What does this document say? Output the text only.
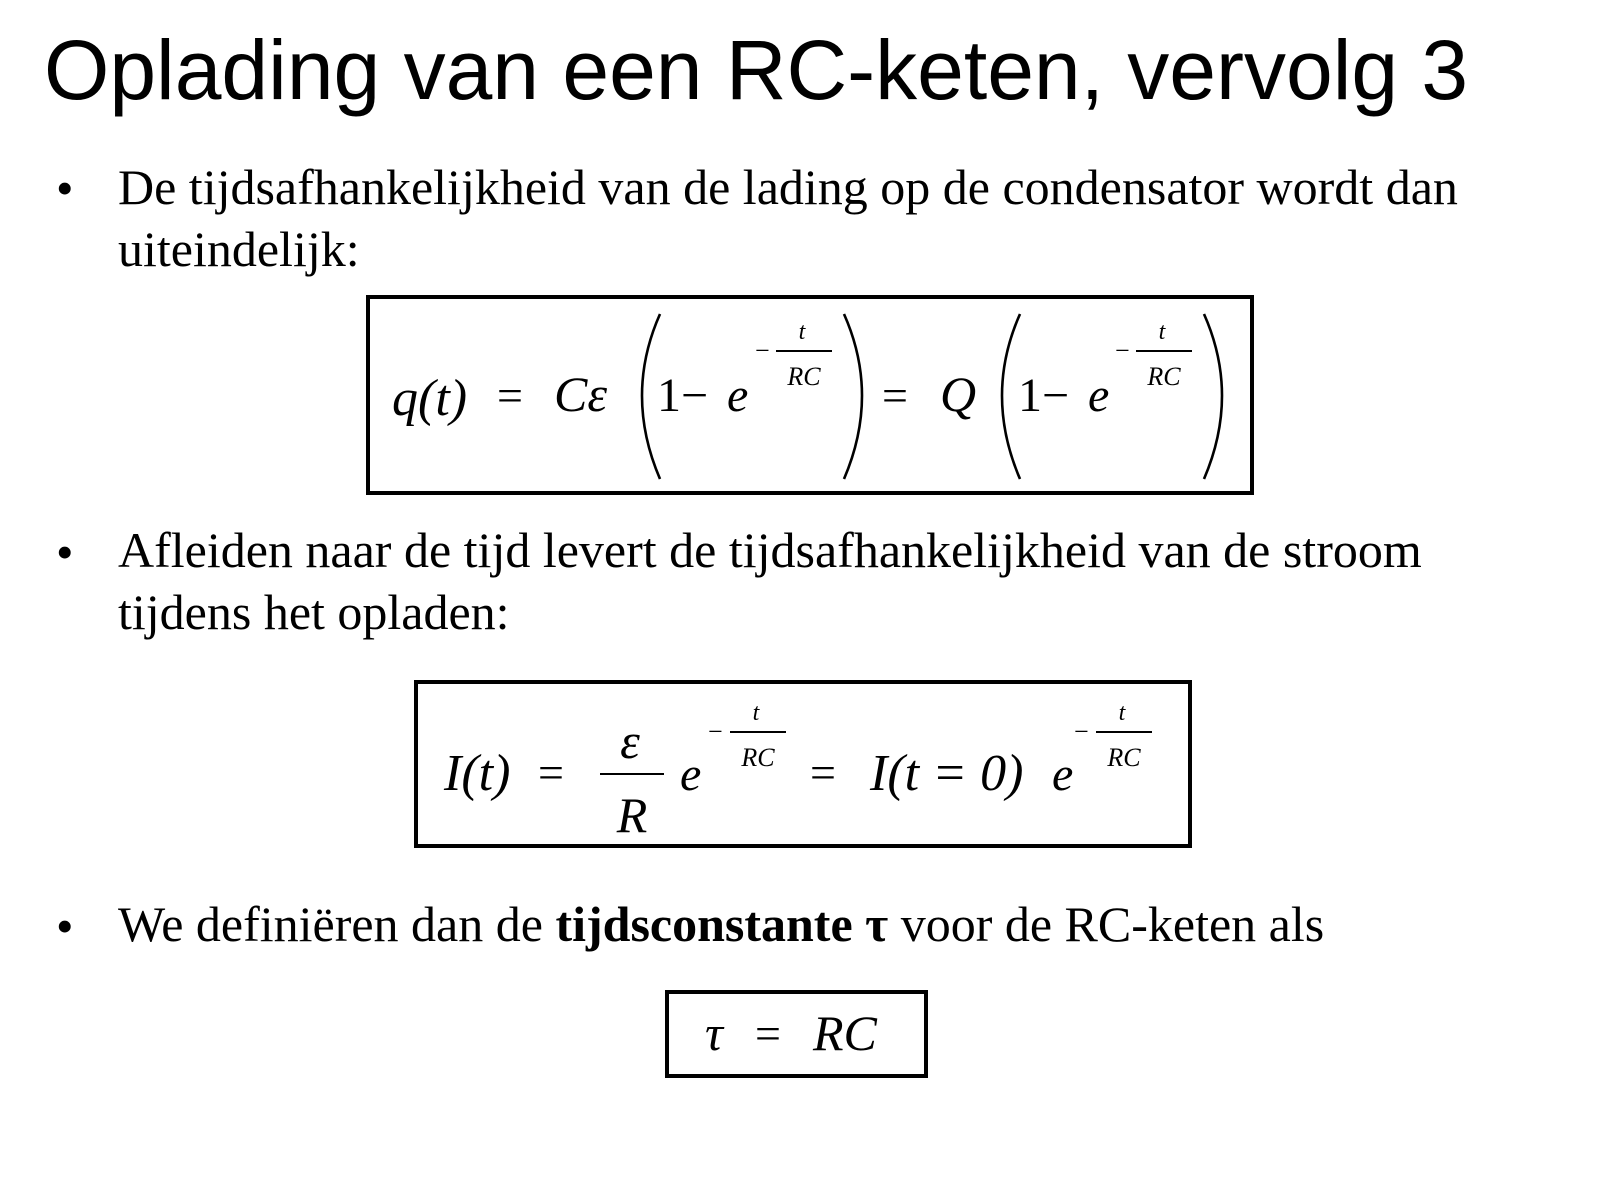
Oplading van een RC-keten, vervolg 3
• De tijdsafhankelijkheid van de lading op de condensator wordt dan uiteindelijk:
q(t) = Cε 1− e
−
t
RC = Q 1− e
−
t
RC
• Afleiden naar de tijd levert de tijdsafhankelijkheid van de stroom tijdens het opladen:
I(t) =
ε
R
e
−
t
RC = I(t = 0) e
−
t
RC
• We definiëren dan de tijdsconstante τ voor de RC-keten als
τ = RC
